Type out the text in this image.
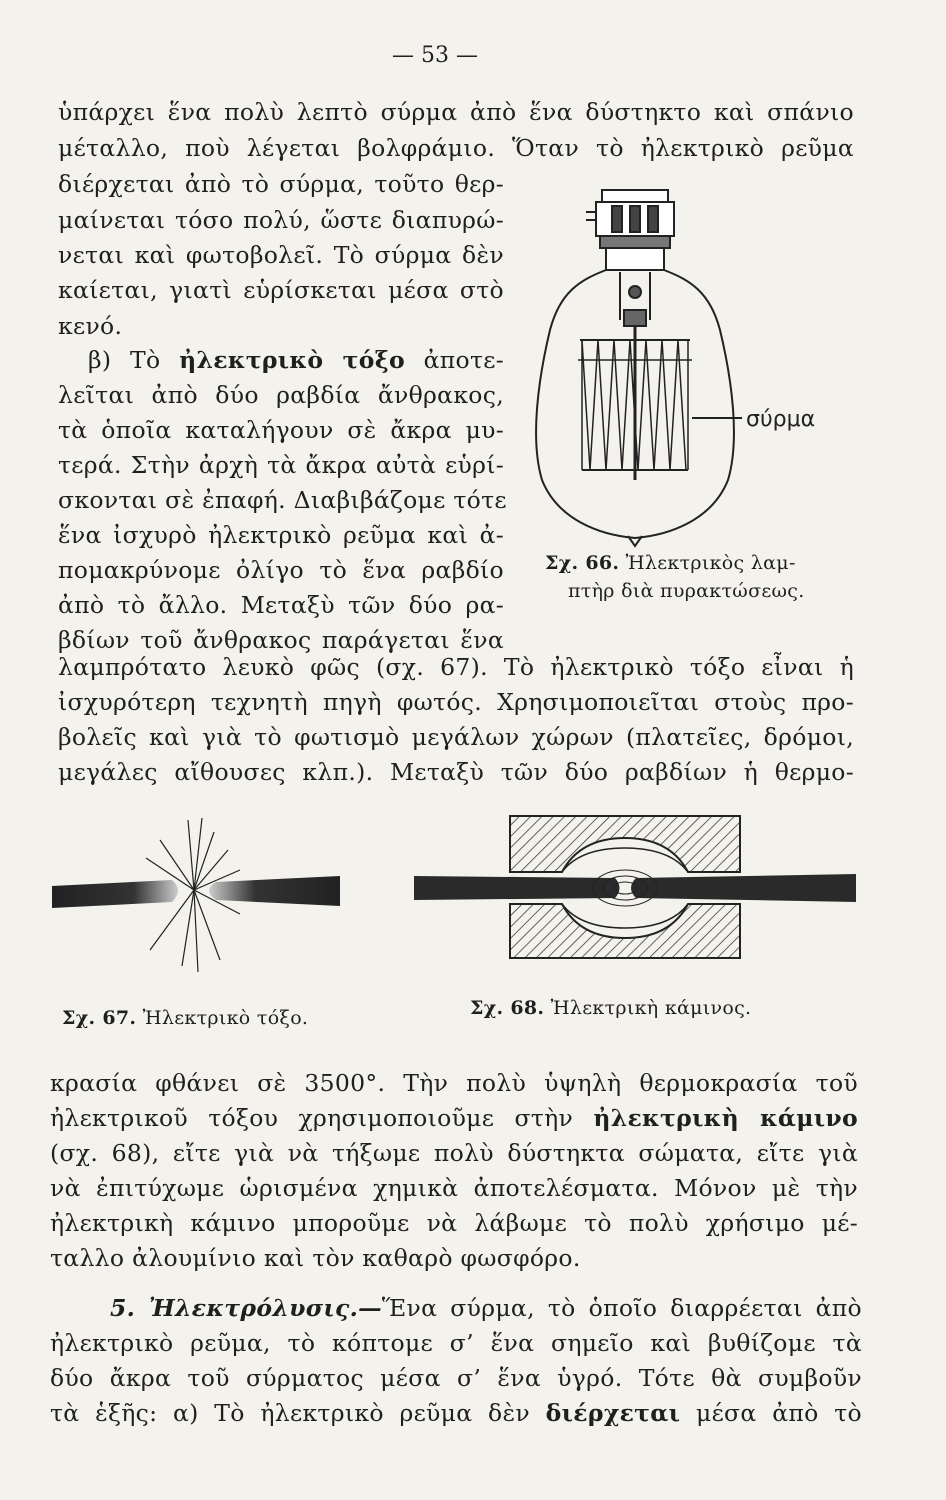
— 53 —
ὑπάρχει ἕνα πολὺ λεπτὸ σύρμα ἀπὸ ἕνα δύστηκτο καὶ σπάνιο
μέταλλο, ποὺ λέγεται βολφράμιο. Ὅταν τὸ ἠλεκτρικὸ ρεῦμα
διέρχεται ἀπὸ τὸ σύρμα, τοῦτο θερ-
μαίνεται τόσο πολύ, ὥστε διαπυρώ-
νεται καὶ φωτοβολεῖ. Τὸ σύρμα δὲν
καίεται, γιατὶ εὑρίσκεται μέσα στὸ
κενό.
β) Τὸ ἠλεκτρικὸ τόξο ἀποτε-
λεῖται ἀπὸ δύο ραβδία ἄνθρακος,
τὰ ὁποῖα καταλήγουν σὲ ἄκρα μυ-
τερά. Στὴν ἀρχὴ τὰ ἄκρα αὐτὰ εὑρί-
σκονται σὲ ἐπαφή. Διαβιβάζομε τότε
ἕνα ἰσχυρὸ ἠλεκτρικὸ ρεῦμα καὶ ἀ-
πομακρύνομε ὀλίγο τὸ ἕνα ραβδίο
ἀπὸ τὸ ἄλλο. Μεταξὺ τῶν δύο ρα-
βδίων τοῦ ἄνθρακος παράγεται ἕνα
λαμπρότατο λευκὸ φῶς (σχ. 67). Τὸ ἠλεκτρικὸ τόξο εἶναι ἡ
ἰσχυρότερη τεχνητὴ πηγὴ φωτός. Χρησιμοποιεῖται στοὺς προ-
βολεῖς καὶ γιὰ τὸ φωτισμὸ μεγάλων χώρων (πλατεῖες, δρόμοι,
μεγάλες αἴθουσες κλπ.). Μεταξὺ τῶν δύο ραβδίων ἡ θερμο-
σύρμα
Σχ. 66. Ἠλεκτρικὸς λαμ-
πτὴρ διὰ πυρακτώσεως.
Σχ. 67. Ἠλεκτρικὸ τόξο.	Σχ. 68. Ἠλεκτρικὴ κάμινος.
κρασία φθάνει σὲ 3500°. Τὴν πολὺ ὑψηλὴ θερμοκρασία τοῦ
ἠλεκτρικοῦ τόξου χρησιμοποιοῦμε στὴν ἠλεκτρικὴ κάμινο
(σχ. 68), εἴτε γιὰ νὰ τήξωμε πολὺ δύστηκτα σώματα, εἴτε γιὰ
νὰ ἐπιτύχωμε ὡρισμένα χημικὰ ἀποτελέσματα. Μόνον μὲ τὴν
ἠλεκτρικὴ κάμινο μποροῦμε νὰ λάβωμε τὸ πολὺ χρήσιμο μέ-
ταλλο ἀλουμίνιο καὶ τὸν καθαρὸ φωσφόρο.
5. Ἠλεκτρόλυσις.—Ἕνα σύρμα, τὸ ὁποῖο διαρρέεται ἀπὸ
ἠλεκτρικὸ ρεῦμα, τὸ κόπτομε σ’ ἕνα σημεῖο καὶ βυθίζομε τὰ
δύο ἄκρα τοῦ σύρματος μέσα σ’ ἕνα ὑγρό. Τότε θὰ συμβοῦν
τὰ ἑξῆς: α) Τὸ ἠλεκτρικὸ ρεῦμα δὲν διέρχεται μέσα ἀπὸ τὸ
